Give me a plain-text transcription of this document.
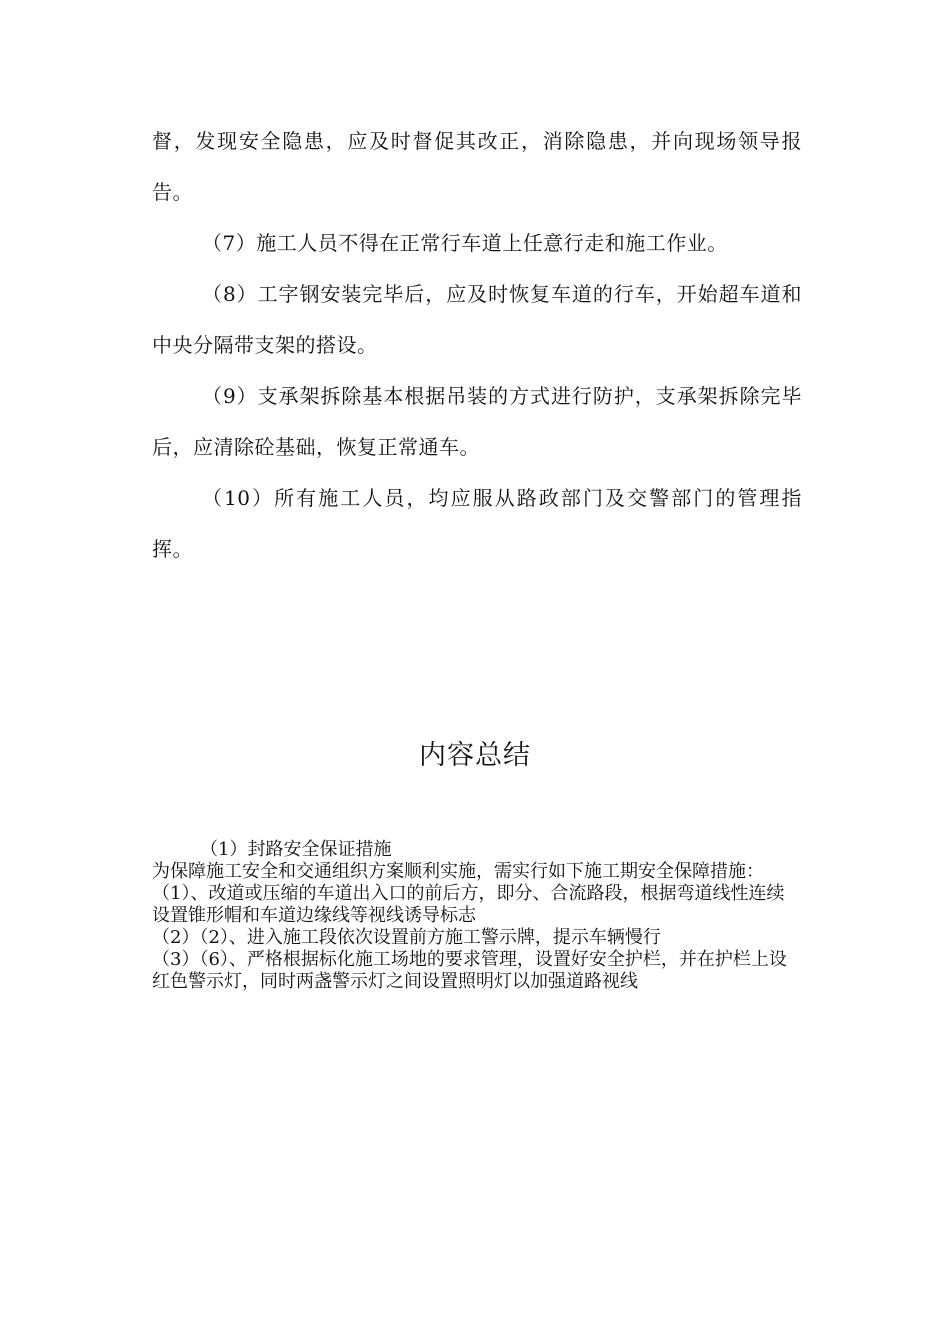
督，发现安全隐患，应及时督促其改正，消除隐患，并向现场领导报告。

（7）施工人员不得在正常行车道上任意行走和施工作业。

（8）工字钢安装完毕后，应及时恢复车道的行车，开始超车道和中央分隔带支架的搭设。

（9）支承架拆除基本根据吊装的方式进行防护，支承架拆除完毕后，应清除砼基础，恢复正常通车。

（10）所有施工人员，均应服从路政部门及交警部门的管理指挥。

内容总结

（1）封路安全保证措施

为保障施工安全和交通组织方案顺利实施，需实行如下施工期安全保障措施：

（1）、改道或压缩的车道出入口的前后方，即分、合流路段，根据弯道线性连续设置锥形帽和车道边缘线等视线诱导标志

（2）（2）、进入施工段依次设置前方施工警示牌，提示车辆慢行

（3）（6）、严格根据标化施工场地的要求管理，设置好安全护栏，并在护栏上设红色警示灯，同时两盏警示灯之间设置照明灯以加强道路视线
